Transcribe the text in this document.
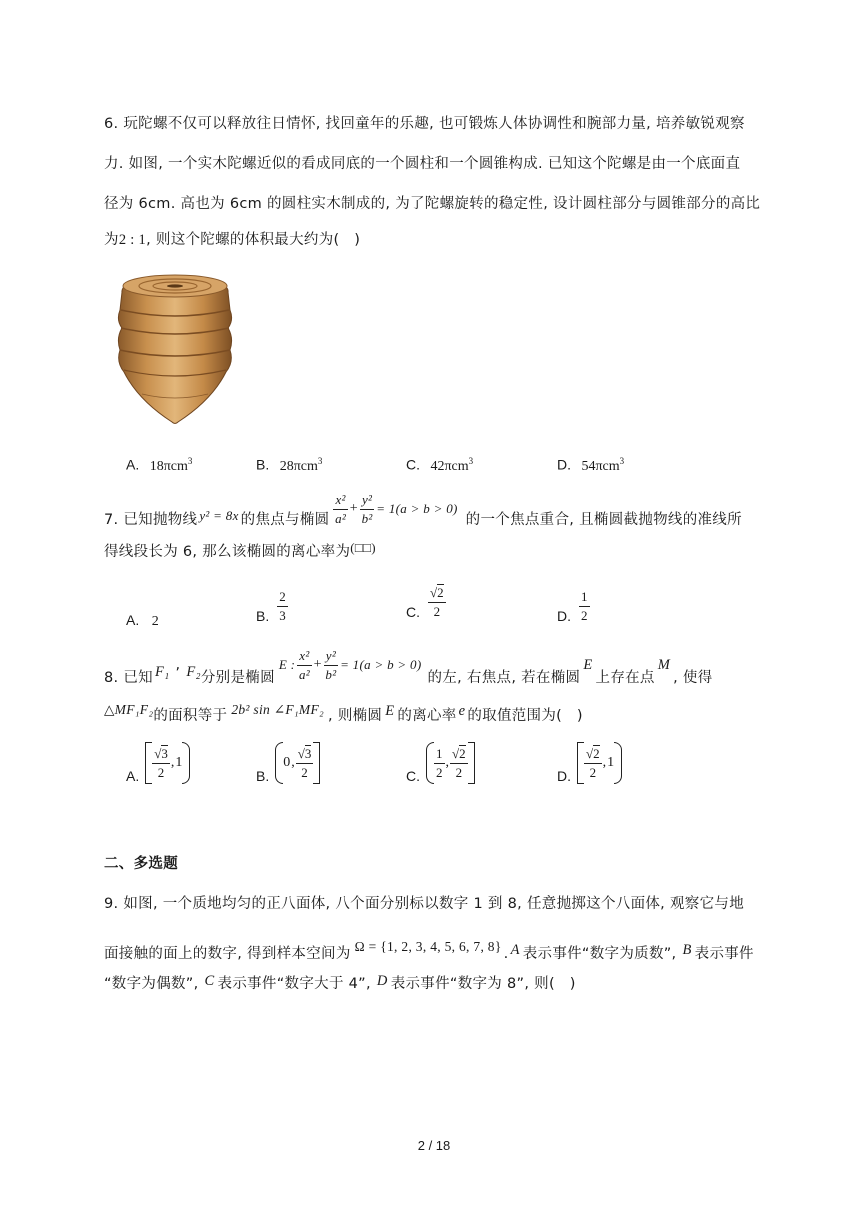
6. 玩陀螺不仅可以释放往日情怀, 找回童年的乐趣, 也可锻炼人体协调性和腕部力量, 培养敏锐观察
力. 如图, 一个实木陀螺近似的看成同底的一个圆柱和一个圆锥构成. 已知这个陀螺是由一个底面直
径为 6cm. 高也为 6cm 的圆柱实木制成的, 为了陀螺旋转的稳定性, 设计圆柱部分与圆锥部分的高比
为2 : 1, 则这个陀螺的体积最大约为(　)
A. 18πcm$^3$	B. 28πcm$^3$	C. 42πcm$^3$	D. 54πcm$^3$
7. 已知抛物线 y² = 8x 的焦点与椭圆 $\frac{\text{x²}}{\text{a²}} + \frac{\text{y²}}{\text{b²}} = 1(a > b > 0)$
的一个焦点重合, 且椭圆截抛物线的准线所
得线段长为 6, 那么该椭圆的离心率为(□□)
A. 2	B. $\frac{2}{3}$	C. $\frac{√2}{2}$	D. $\frac{1}{2}$
8. 已知 F₁ , F₂ 分别是椭圆
E : $\frac{\text{x²}}{\text{a²}} + \frac{\text{y²}}{\text{b²}} = 1(a > b > 0)$
的左, 右焦点, 若在椭圆
E
上存在点
M
, 使得
△MF₁F₂ 的面积等于 2b² sin ∠F₁MF₂ , 则椭圆 E 的离心率 e 的取值范围为(　)
A. $\frac{√3}{2}$ , 1
B.
0 , $\frac{√3}{2}$	C. $\frac{1}{2}$ , $\frac{√2}{2}$	D. $\frac{√2}{2}$ , 1
二、多选题
9. 如图, 一个质地均匀的正八面体, 八个面分别标以数字 1 到 8, 任意抛掷这个八面体, 观察它与地
面接触的面上的数字, 得到样本空间为 Ω = {1, 2, 3, 4, 5, 6, 7, 8} . A 表示事件“数字为质数”, B 表示事件
“数字为偶数”, C 表示事件“数字大于 4”, D 表示事件“数字为 8”, 则(　)
2 / 18
